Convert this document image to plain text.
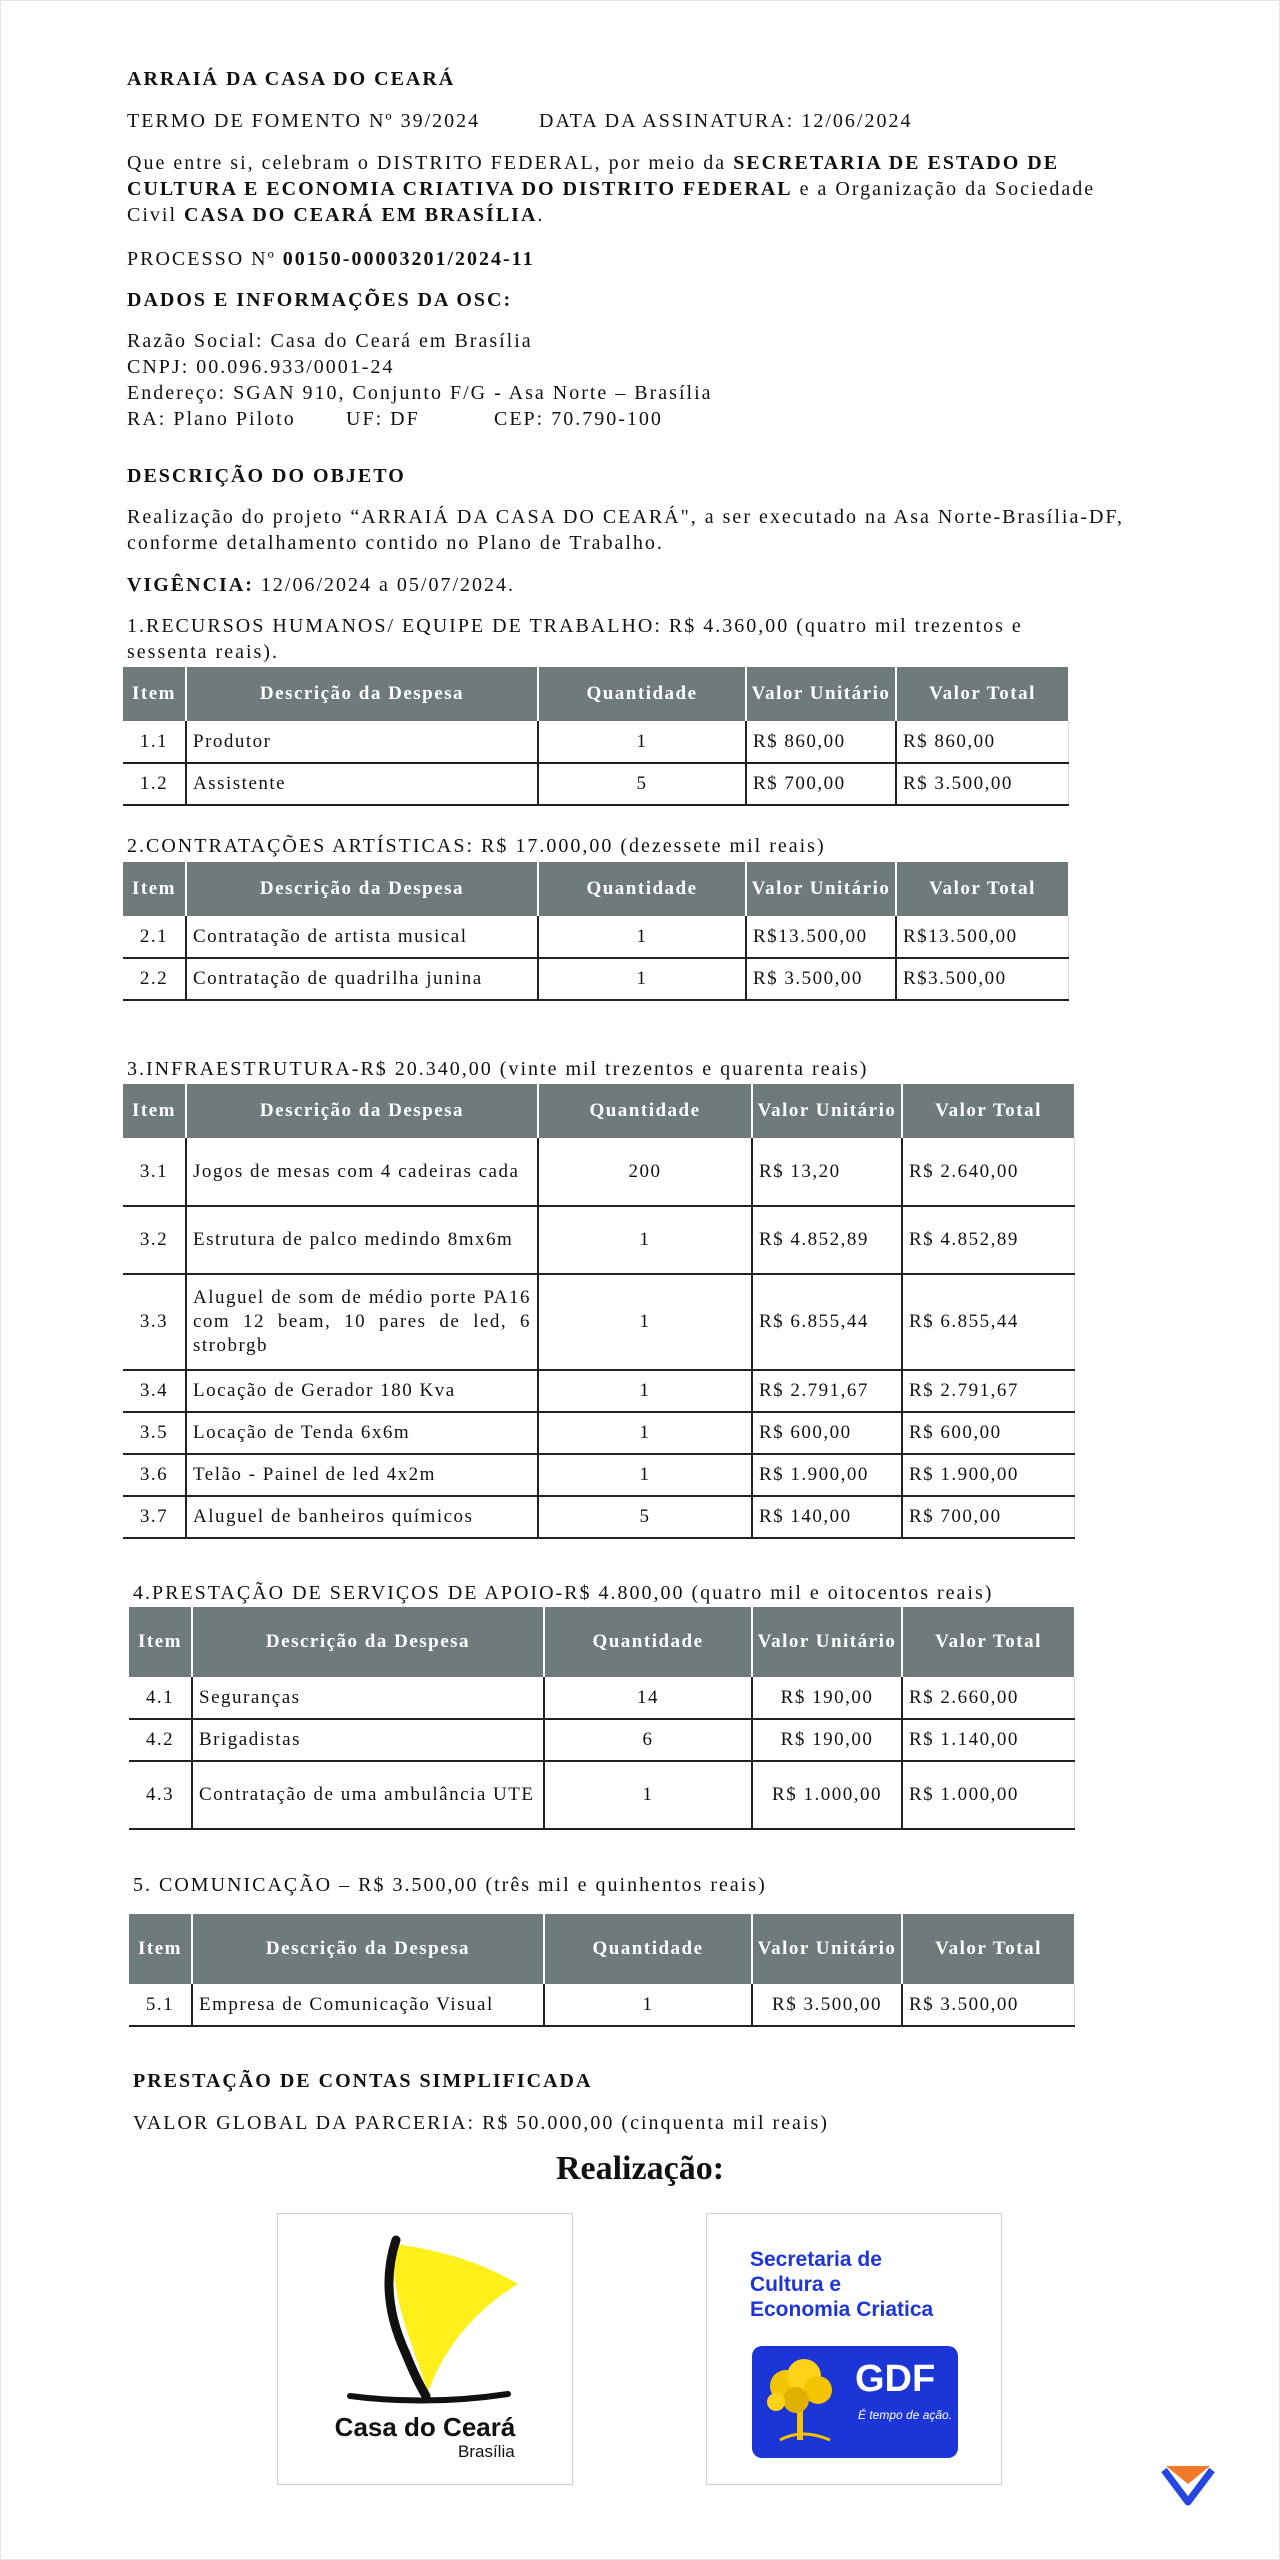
ARRAIÁ DA CASA DO CEARÁ
TERMO DE FOMENTO Nº 39/2024	DATA DA ASSINATURA: 12/06/2024
Que entre si, celebram o DISTRITO FEDERAL, por meio da SECRETARIA DE ESTADO DE CULTURA E ECONOMIA CRIATIVA DO DISTRITO FEDERAL e a Organização da Sociedade Civil CASA DO CEARÁ EM BRASÍLIA.
PROCESSO Nº 00150-00003201/2024-11
DADOS E INFORMAÇÕES DA OSC:
Razão Social: Casa do Ceará em Brasília
CNPJ: 00.096.933/0001-24
Endereço: SGAN 910, Conjunto F/G - Asa Norte – Brasília
RA: Plano Piloto	UF: DF	CEP: 70.790-100
DESCRIÇÃO DO OBJETO
Realização do projeto “ARRAIÁ DA CASA DO CEARÁ", a ser executado na Asa Norte-Brasília-DF, conforme detalhamento contido no Plano de Trabalho.
VIGÊNCIA: 12/06/2024 a 05/07/2024.
1.RECURSOS HUMANOS/ EQUIPE DE TRABALHO: R$ 4.360,00 (quatro mil trezentos e sessenta reais).
Item	Descrição da Despesa	Quantidade	Valor Unitário	Valor Total
1.1	Produtor	1	R$ 860,00	R$ 860,00
1.2	Assistente	5	R$ 700,00	R$ 3.500,00
2.CONTRATAÇÕES ARTÍSTICAS: R$ 17.000,00 (dezessete mil reais)
Item	Descrição da Despesa	Quantidade	Valor Unitário	Valor Total
2.1	Contratação de artista musical	1	R$13.500,00	R$13.500,00
2.2	Contratação de quadrilha junina	1	R$ 3.500,00	R$3.500,00
3.INFRAESTRUTURA-R$ 20.340,00 (vinte mil trezentos e quarenta reais)
Item	Descrição da Despesa	Quantidade	Valor Unitário	Valor Total
3.1	Jogos de mesas com 4 cadeiras cada	200	R$ 13,20	R$ 2.640,00
3.2	Estrutura de palco medindo 8mx6m	1	R$ 4.852,89	R$ 4.852,89
3.3	Aluguel de som de médio porte PA16 com 12 beam, 10 pares de led, 6 strobrgb	1	R$ 6.855,44	R$ 6.855,44
3.4	Locação de Gerador 180 Kva	1	R$ 2.791,67	R$ 2.791,67
3.5	Locação de Tenda 6x6m	1	R$ 600,00	R$ 600,00
3.6	Telão - Painel de led 4x2m	1	R$ 1.900,00	R$ 1.900,00
3.7	Aluguel de banheiros químicos	5	R$ 140,00	R$ 700,00
4.PRESTAÇÃO DE SERVIÇOS DE APOIO-R$ 4.800,00 (quatro mil e oitocentos reais)
Item	Descrição da Despesa	Quantidade	Valor Unitário	Valor Total
4.1	Seguranças	14	R$ 190,00	R$ 2.660,00
4.2	Brigadistas	6	R$ 190,00	R$ 1.140,00
4.3	Contratação de uma ambulância UTE	1	R$ 1.000,00	R$ 1.000,00
5. COMUNICAÇÃO – R$ 3.500,00 (três mil e quinhentos reais)
Item	Descrição da Despesa	Quantidade	Valor Unitário	Valor Total
5.1	Empresa de Comunicação Visual	1	R$ 3.500,00	R$ 3.500,00
PRESTAÇÃO DE CONTAS SIMPLIFICADA
VALOR GLOBAL DA PARCERIA: R$ 50.000,00 (cinquenta mil reais)
Realização:
Casa do Ceará
Brasília
Secretaria de
Cultura e
Economia Criatica
GDF
É tempo de ação.
